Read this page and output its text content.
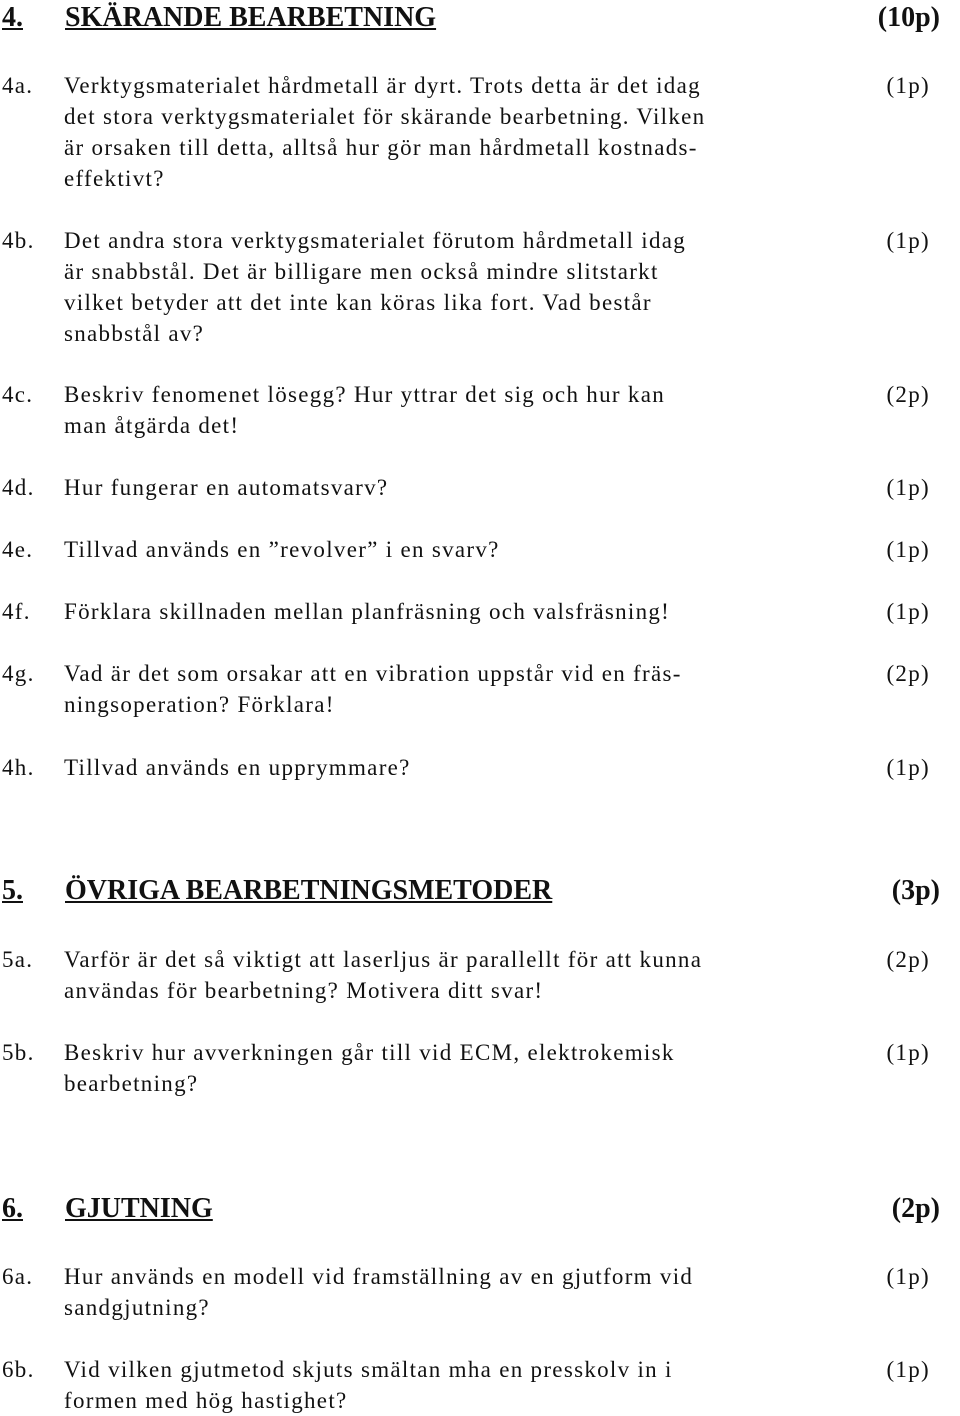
4. SKÄRANDE BEARBETNING	(10p)
4a. Verktygsmaterialet hårdmetall är dyrt. Trots detta är det idag
det stora verktygsmaterialet för skärande bearbetning. Vilken
är orsaken till detta, alltså hur gör man hårdmetall kostnads-
effektivt?
(1p)
4b. Det andra stora verktygsmaterialet förutom hårdmetall idag
är snabbstål. Det är billigare men också mindre slitstarkt
vilket betyder att det inte kan köras lika fort. Vad består
snabbstål av?
(1p)
4c. Beskriv fenomenet lösegg? Hur yttrar det sig och hur kan
man åtgärda det!
(2p)
4d. Hur fungerar en automatsvarv?	(1p)
4e. Tillvad används en ”revolver” i en svarv?	(1p)
4f. Förklara skillnaden mellan planfräsning och valsfräsning!	(1p)
4g. Vad är det som orsakar att en vibration uppstår vid en fräs-
ningsoperation? Förklara!
(2p)
4h. Tillvad används en upprymmare?	(1p)
5. ÖVRIGA BEARBETNINGSMETODER	(3p)
5a. Varför är det så viktigt att laserljus är parallellt för att kunna
användas för bearbetning? Motivera ditt svar!
(2p)
5b. Beskriv hur avverkningen går till vid ECM, elektrokemisk
bearbetning?
(1p)
6. GJUTNING	(2p)
6a. Hur används en modell vid framställning av en gjutform vid
sandgjutning?
(1p)
6b. Vid vilken gjutmetod skjuts smältan mha en presskolv in i
formen med hög hastighet?
(1p)
